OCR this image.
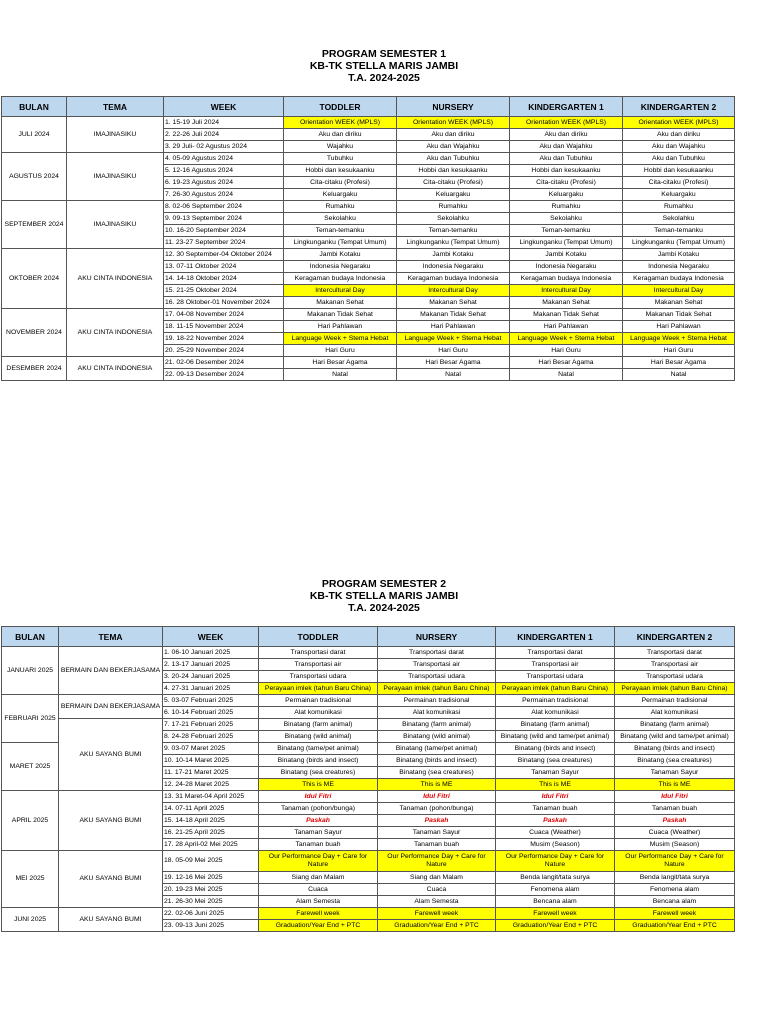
PROGRAM SEMESTER 1
KB-TK STELLA MARIS JAMBI
T.A. 2024-2025
BULAN	TEMA	WEEK	TODDLER	NURSERY	KINDERGARTEN 1	KINDERGARTEN 2
JULI 2024	IMAJINASIKU	1. 15-19 Juli 2024	Orientation WEEK (MPLS)	Orientation WEEK (MPLS)	Orientation WEEK (MPLS)	Orientation WEEK (MPLS)
		2. 22-26 Juli 2024	Aku dan diriku	Aku dan diriku	Aku dan diriku	Aku dan diriku
		3. 29 Juli- 02 Agustus 2024	Wajahku	Aku dan Wajahku	Aku dan Wajahku	Aku dan Wajahku
AGUSTUS 2024	IMAJINASIKU	4. 05-09 Agustus 2024	Tubuhku	Aku dan Tubuhku	Aku dan Tubuhku	Aku dan Tubuhku
		5. 12-16 Agustus 2024	Hobbi dan kesukaanku	Hobbi dan kesukaanku	Hobbi dan kesukaanku	Hobbi dan kesukaanku
		6. 19-23 Agustus 2024	Cita-citaku (Profesi)	Cita-citaku (Profesi)	Cita-citaku (Profesi)	Cita-citaku (Profesi)
		7. 26-30 Agustus 2024	Keluargaku	Keluargaku	Keluargaku	Keluargaku
SEPTEMBER 2024	IMAJINASIKU	8. 02-06 September 2024	Rumahku	Rumahku	Rumahku	Rumahku
		9. 09-13 September 2024	Sekolahku	Sekolahku	Sekolahku	Sekolahku
		10. 16-20 September 2024	Teman-temanku	Teman-temanku	Teman-temanku	Teman-temanku
		11. 23-27 September 2024	Lingkunganku (Tempat Umum)	Lingkunganku (Tempat Umum)	Lingkunganku (Tempat Umum)	Lingkunganku (Tempat Umum)
OKTOBER 2024	AKU CINTA INDONESIA	12. 30 September-04 Oktober 2024	Jambi Kotaku	Jambi Kotaku	Jambi Kotaku	Jambi Kotaku
		13. 07-11 Oktober 2024	Indonesia Negaraku	Indonesia Negaraku	Indonesia Negaraku	Indonesia Negaraku
		14. 14-18 Oktober 2024	Keragaman budaya Indonesia	Keragaman budaya Indonesia	Keragaman budaya Indonesia	Keragaman budaya Indonesia
		15. 21-25 Oktober 2024	Intercultural Day	Intercultural Day	Intercultural Day	Intercultural Day
		16. 28 Oktober-01 November 2024	Makanan Sehat	Makanan Sehat	Makanan Sehat	Makanan Sehat
NOVEMBER 2024	AKU CINTA INDONESIA	17. 04-08 November 2024	Makanan Tidak Sehat	Makanan Tidak Sehat	Makanan Tidak Sehat	Makanan Tidak Sehat
		18. 11-15 November 2024	Hari Pahlawan	Hari Pahlawan	Hari Pahlawan	Hari Pahlawan
		19. 18-22 November 2024	Language Week + Stema Hebat	Language Week + Stema Hebat	Language Week + Stema Hebat	Language Week + Stema Hebat
		20. 25-29 November 2024	Hari Guru	Hari Guru	Hari Guru	Hari Guru
DESEMBER 2024	AKU CINTA INDONESIA	21. 02-06 Desember 2024	Hari Besar Agama	Hari Besar Agama	Hari Besar Agama	Hari Besar Agama
		22. 09-13 Desember 2024	Natal	Natal	Natal	Natal
PROGRAM SEMESTER 2
KB-TK STELLA MARIS JAMBI
T.A. 2024-2025
BULAN	TEMA	WEEK	TODDLER	NURSERY	KINDERGARTEN 1	KINDERGARTEN 2
JANUARI 2025	BERMAIN DAN BEKERJASAMA	1. 06-10 Januari 2025	Transportasi darat	Transportasi darat	Transportasi darat	Transportasi darat
		2. 13-17 Januari 2025	Transportasi air	Transportasi air	Transportasi air	Transportasi air
		3. 20-24 Januari 2025	Transportasi udara	Transportasi udara	Transportasi udara	Transportasi udara
		4. 27-31 Januari 2025	Perayaan imlek (tahun Baru China)	Perayaan imlek (tahun Baru China)	Perayaan imlek (tahun Baru China)	Perayaan imlek (tahun Baru China)
FEBRUARI 2025	BERMAIN DAN BEKERJASAMA	5. 03-07 Februari 2025	Permainan tradisional	Permainan tradisional	Permainan tradisional	Permainan tradisional
		6. 10-14 Februari 2025	Alat komunikasi	Alat komunikasi	Alat komunikasi	Alat komunikasi
	AKU SAYANG BUMI	7. 17-21 Februari 2025	Binatang (farm animal)	Binatang (farm animal)	Binatang (farm animal)	Binatang (farm animal)
		8. 24-28 Februari 2025	Binatang (wild animal)	Binatang (wild animal)	Binatang (wild and tame/pet animal)	Binatang (wild and tame/pet animal)
MARET 2025		9. 03-07 Maret 2025	Binatang (tame/pet animal)	Binatang (tame/pet animal)	Binatang (birds and insect)	Binatang (birds and insect)
		10. 10-14 Maret 2025	Binatang (birds and insect)	Binatang (birds and insect)	Binatang (sea creatures)	Binatang (sea creatures)
		11. 17-21 Maret 2025	Binatang (sea creatures)	Binatang (sea creatures)	Tanaman Sayur	Tanaman Sayur
		12. 24-28 Maret 2025	This is ME	This is ME	This is ME	This is ME
APRIL 2025	AKU SAYANG BUMI	13. 31 Maret-04 April 2025	Idul Fitri	Idul Fitri	Idul Fitri	Idul Fitri
		14. 07-11 April 2025	Tanaman (pohon/bunga)	Tanaman (pohon/bunga)	Tanaman buah	Tanaman buah
		15. 14-18 April 2025	Paskah	Paskah	Paskah	Paskah
		16. 21-25 April 2025	Tanaman Sayur	Tanaman Sayur	Cuaca (Weather)	Cuaca (Weather)
		17. 28 April-02 Mei 2025	Tanaman buah	Tanaman buah	Musim (Season)	Musim (Season)
MEI 2025	AKU SAYANG BUMI	18. 05-09 Mei 2025	Our Performance Day + Care for Nature	Our Performance Day + Care for Nature	Our Performance Day + Care for Nature	Our Performance Day + Care for Nature
		19. 12-16 Mei 2025	Siang dan Malam	Siang dan Malam	Benda langit/tata surya	Benda langit/tata surya
		20. 19-23 Mei 2025	Cuaca	Cuaca	Fenomena alam	Fenomena alam
		21. 26-30 Mei 2025	Alam Semesta	Alam Semesta	Bencana alam	Bencana alam
JUNI 2025	AKU SAYANG BUMI	22. 02-06 Juni 2025	Farewell week	Farewell week	Farewell week	Farewell week
		23. 09-13 Juni 2025	Graduation/Year End + PTC	Graduation/Year End + PTC	Graduation/Year End + PTC	Graduation/Year End + PTC
